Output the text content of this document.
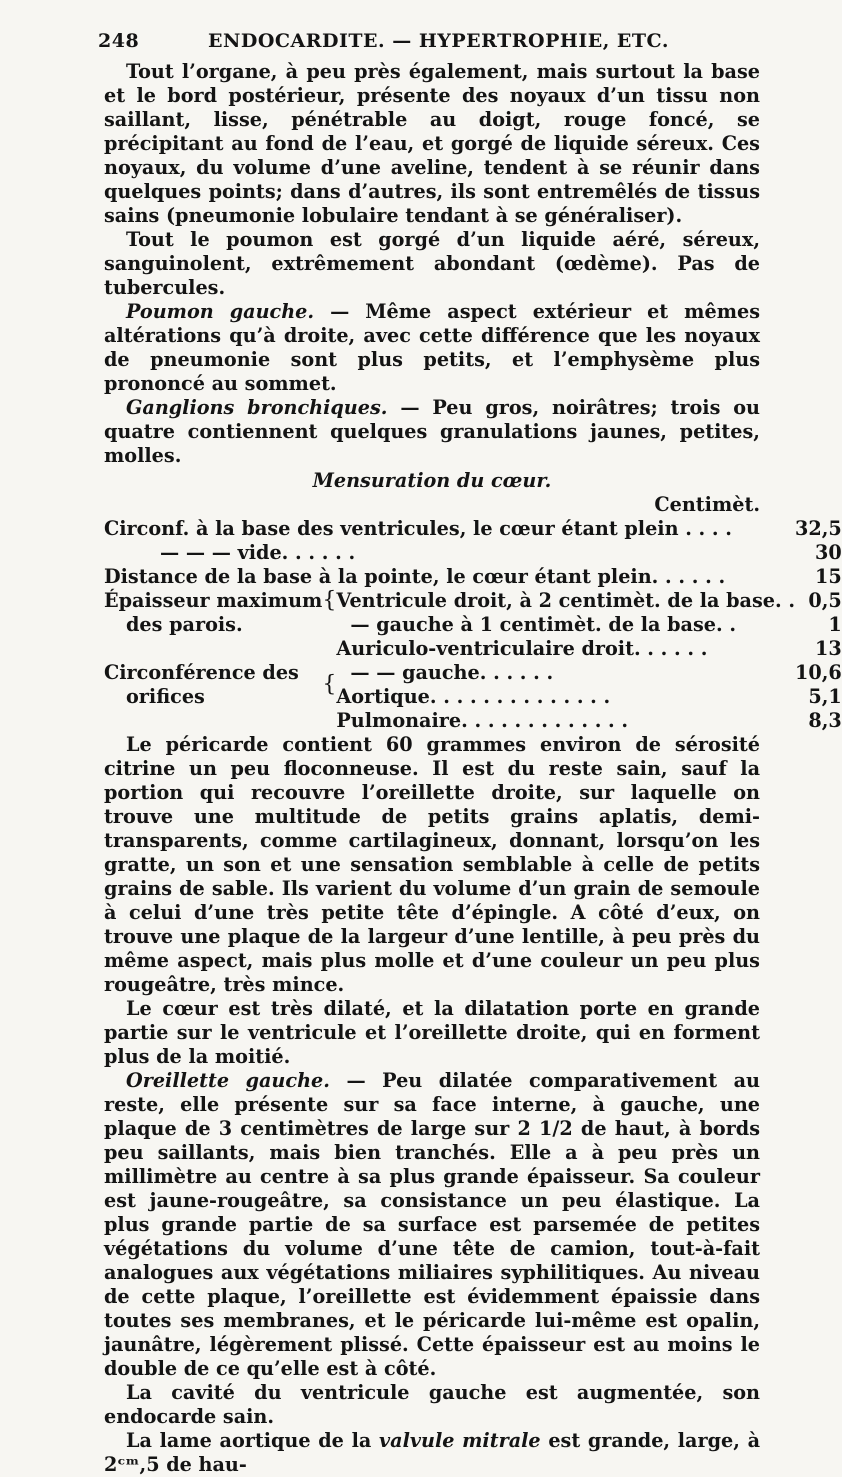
248	ENDOCARDITE. — HYPERTROPHIE, ETC.

Tout l’organe, à peu près également, mais surtout la base et le bord postérieur, présente des noyaux d’un tissu non saillant, lisse, pénétrable au doigt, rouge foncé, se précipitant au fond de l’eau, et gorgé de liquide séreux. Ces noyaux, du volume d’une aveline, tendent à se réunir dans quelques points; dans d’autres, ils sont entremêlés de tissus sains (pneumonie lobulaire tendant à se généraliser).

Tout le poumon est gorgé d’un liquide aéré, séreux, sanguinolent, extrêmement abondant (œdème). Pas de tubercules.

Poumon gauche. — Même aspect extérieur et mêmes altérations qu’à droite, avec cette différence que les noyaux de pneumonie sont plus petits, et l’emphysème plus prononcé au sommet.

Ganglions bronchiques. — Peu gros, noirâtres; trois ou quatre contiennent quelques granulations jaunes, petites, molles.

Mensuration du cœur.
Centimèt.
Circonf. à la base des ventricules, le cœur étant plein . . . .			32,5
— — — vide. . . . . .			30
Distance de la base à la pointe, le cœur étant plein. . . . . .			15
Épaisseur maximum	{	Ventricule droit, à 2 centimèt. de la base. .	0,5
des parois.		— gauche à 1 centimèt. de la base. .	1
	{	Auriculo-ventriculaire droit. . . . . .	13
Circonférence des		— — gauche. . . . . .	10,6
orifices		Aortique. . . . . . . . . . . . . .	5,1
		Pulmonaire. . . . . . . . . . . . .	8,3

Le péricarde contient 60 grammes environ de sérosité citrine un peu floconneuse. Il est du reste sain, sauf la portion qui recouvre l’oreillette droite, sur laquelle on trouve une multitude de petits grains aplatis, demi-transparents, comme cartilagineux, donnant, lorsqu’on les gratte, un son et une sensation semblable à celle de petits grains de sable. Ils varient du volume d’un grain de semoule à celui d’une très petite tête d’épingle. A côté d’eux, on trouve une plaque de la largeur d’une lentille, à peu près du même aspect, mais plus molle et d’une couleur un peu plus rougeâtre, très mince.

Le cœur est très dilaté, et la dilatation porte en grande partie sur le ventricule et l’oreillette droite, qui en forment plus de la moitié.

Oreillette gauche. — Peu dilatée comparativement au reste, elle présente sur sa face interne, à gauche, une plaque de 3 centimètres de large sur 2 1/2 de haut, à bords peu saillants, mais bien tranchés. Elle a à peu près un millimètre au centre à sa plus grande épaisseur. Sa couleur est jaune-rougeâtre, sa consistance un peu élastique. La plus grande partie de sa surface est parsemée de petites végétations du volume d’une tête de camion, tout-à-fait analogues aux végétations miliaires syphilitiques. Au niveau de cette plaque, l’oreillette est évidemment épaissie dans toutes ses membranes, et le péricarde lui-même est opalin, jaunâtre, légèrement plissé. Cette épaisseur est au moins le double de ce qu’elle est à côté.

La cavité du ventricule gauche est augmentée, son endocarde sain.

La lame aortique de la valvule mitrale est grande, large, à 2ᶜᵐ,5 de hau-
